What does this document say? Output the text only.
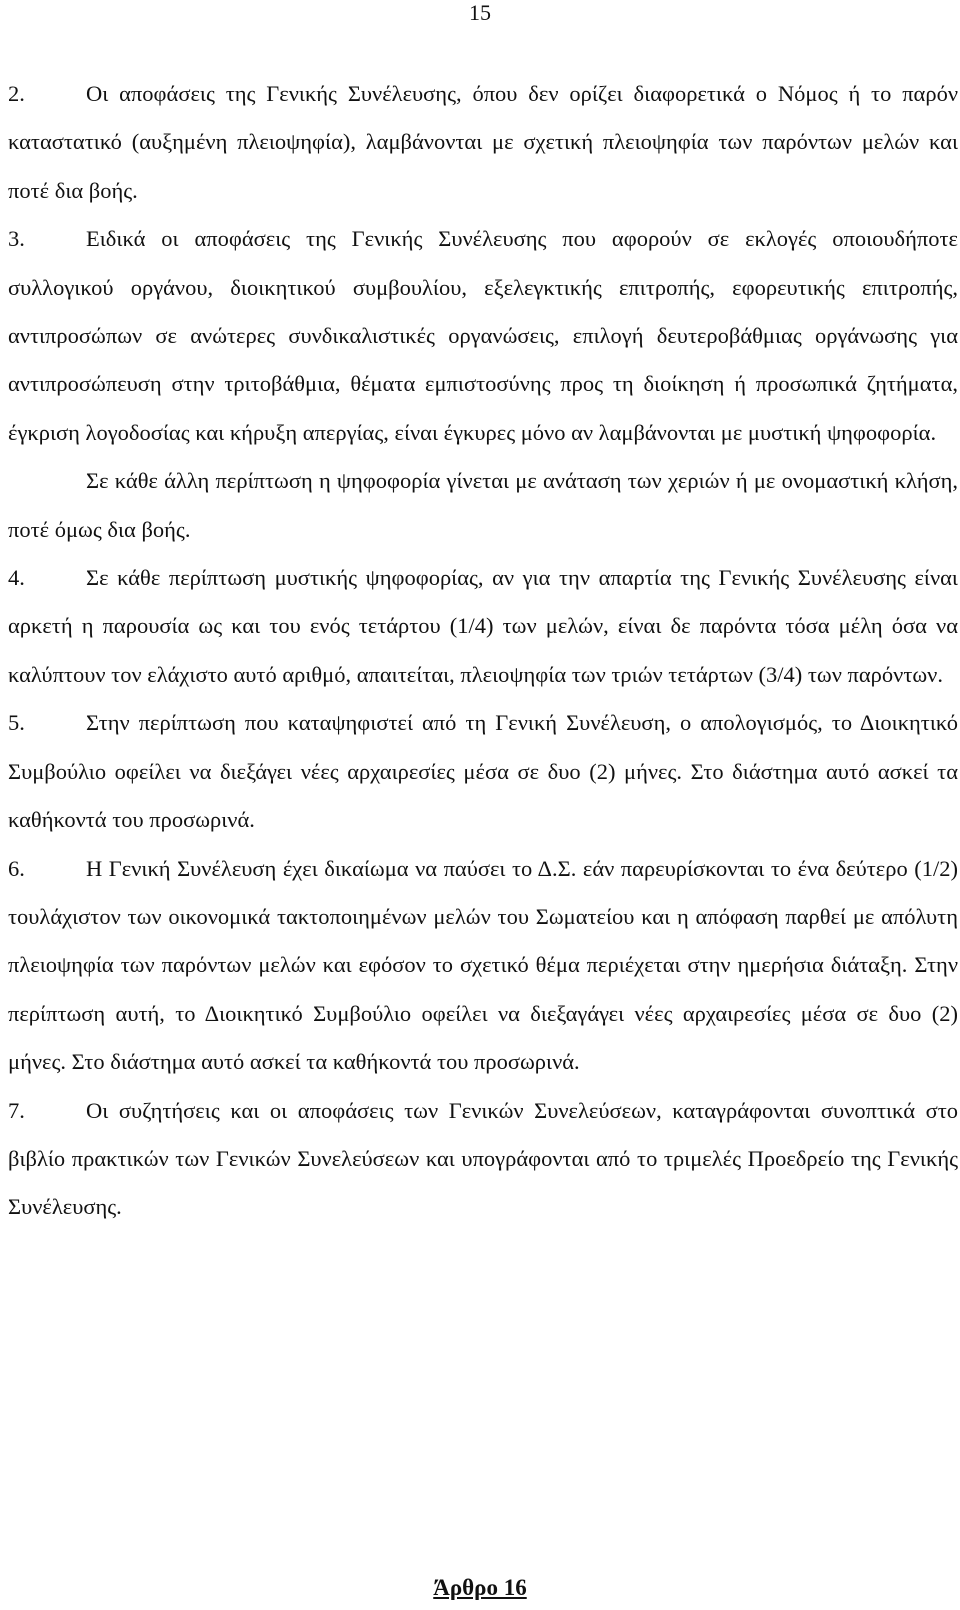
15

2.	Οι αποφάσεις της Γενικής Συνέλευσης, όπου δεν ορίζει διαφορετικά ο Νόμος ή το παρόν καταστατικό (αυξημένη πλειοψηφία), λαμβάνονται με σχετική πλειοψηφία των παρόντων μελών και ποτέ δια βοής.

3.	Ειδικά οι αποφάσεις της Γενικής Συνέλευσης που αφορούν σε εκλογές οποιουδήποτε συλλογικού οργάνου, διοικητικού συμβουλίου, εξελεγκτικής επιτροπής, εφορευτικής επιτροπής, αντιπροσώπων σε ανώτερες συνδικαλιστικές οργανώσεις, επιλογή δευτεροβάθμιας οργάνωσης για αντιπροσώπευση στην τριτοβάθμια, θέματα εμπιστοσύνης προς τη διοίκηση ή προσωπικά ζητήματα, έγκριση λογοδοσίας και κήρυξη απεργίας, είναι έγκυρες μόνο αν λαμβάνονται με μυστική ψηφοφορία.

Σε κάθε άλλη περίπτωση η ψηφοφορία γίνεται με ανάταση των χεριών ή με ονομαστική κλήση, ποτέ όμως δια βοής.

4.	Σε κάθε περίπτωση μυστικής ψηφοφορίας, αν για την απαρτία της Γενικής Συνέλευσης είναι αρκετή η παρουσία ως και του ενός τετάρτου (1/4) των μελών, είναι δε παρόντα τόσα μέλη όσα να καλύπτουν τον ελάχιστο αυτό αριθμό, απαιτείται, πλειοψηφία των τριών τετάρτων (3/4) των παρόντων.

5.	Στην περίπτωση που καταψηφιστεί από τη Γενική Συνέλευση, ο απολογισμός, το Διοικητικό Συμβούλιο οφείλει να διεξάγει νέες αρχαιρεσίες μέσα σε δυο (2) μήνες. Στο διάστημα αυτό ασκεί τα καθήκοντά του προσωρινά.

6.	Η Γενική Συνέλευση έχει δικαίωμα να παύσει το Δ.Σ. εάν παρευρίσκονται το ένα δεύτερο (1/2) τουλάχιστον των οικονομικά τακτοποιημένων μελών του Σωματείου και η απόφαση παρθεί με απόλυτη πλειοψηφία των παρόντων μελών και εφόσον το σχετικό θέμα περιέχεται στην ημερήσια διάταξη. Στην περίπτωση αυτή, το Διοικητικό Συμβούλιο οφείλει να διεξαγάγει νέες αρχαιρεσίες μέσα σε δυο (2) μήνες. Στο διάστημα αυτό ασκεί τα καθήκοντά του προσωρινά.

7.	Οι συζητήσεις και οι αποφάσεις των Γενικών Συνελεύσεων, καταγράφονται συνοπτικά στο βιβλίο πρακτικών των Γενικών Συνελεύσεων και υπογράφονται από το τριμελές Προεδρείο της Γενικής Συνέλευσης.

Άρθρο 16
